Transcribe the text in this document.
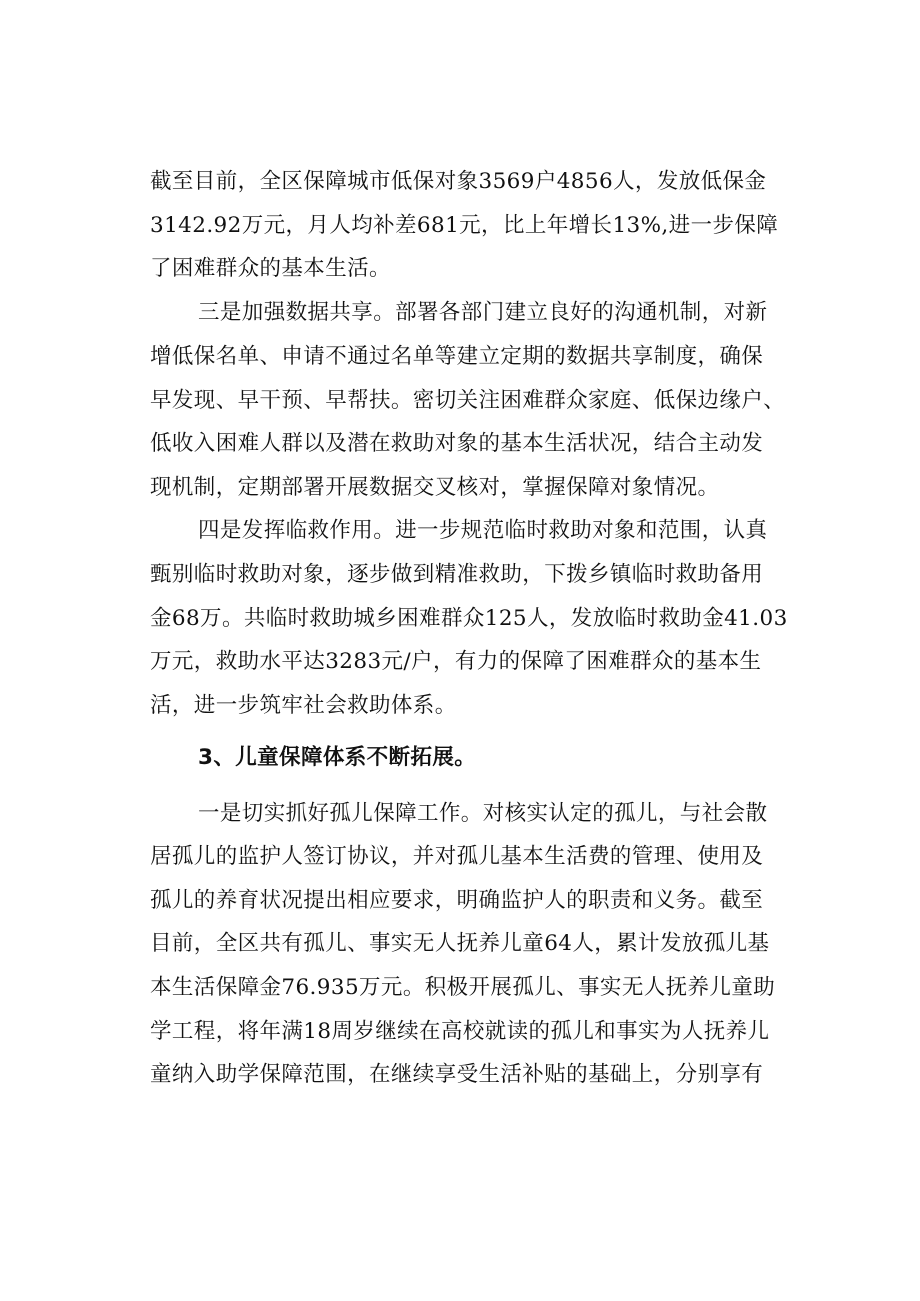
截至目前，全区保障城市低保对象3569户4856人，发放低保金
3142.92万元，月人均补差681元，比上年增长13%,进一步保障
了困难群众的基本生活。
三是加强数据共享。部署各部门建立良好的沟通机制，对新
增低保名单、申请不通过名单等建立定期的数据共享制度，确保
早发现、早干预、早帮扶。密切关注困难群众家庭、低保边缘户、
低收入困难人群以及潜在救助对象的基本生活状况，结合主动发
现机制，定期部署开展数据交叉核对，掌握保障对象情况。
四是发挥临救作用。进一步规范临时救助对象和范围，认真
甄别临时救助对象，逐步做到精准救助，下拨乡镇临时救助备用
金68万。共临时救助城乡困难群众125人，发放临时救助金41.03
万元，救助水平达3283元/户，有力的保障了困难群众的基本生
活，进一步筑牢社会救助体系。
3、儿童保障体系不断拓展。
一是切实抓好孤儿保障工作。对核实认定的孤儿，与社会散
居孤儿的监护人签订协议，并对孤儿基本生活费的管理、使用及
孤儿的养育状况提出相应要求，明确监护人的职责和义务。截至
目前，全区共有孤儿、事实无人抚养儿童64人，累计发放孤儿基
本生活保障金76.935万元。积极开展孤儿、事实无人抚养儿童助
学工程，将年满18周岁继续在高校就读的孤儿和事实为人抚养儿
童纳入助学保障范围，在继续享受生活补贴的基础上，分别享有
